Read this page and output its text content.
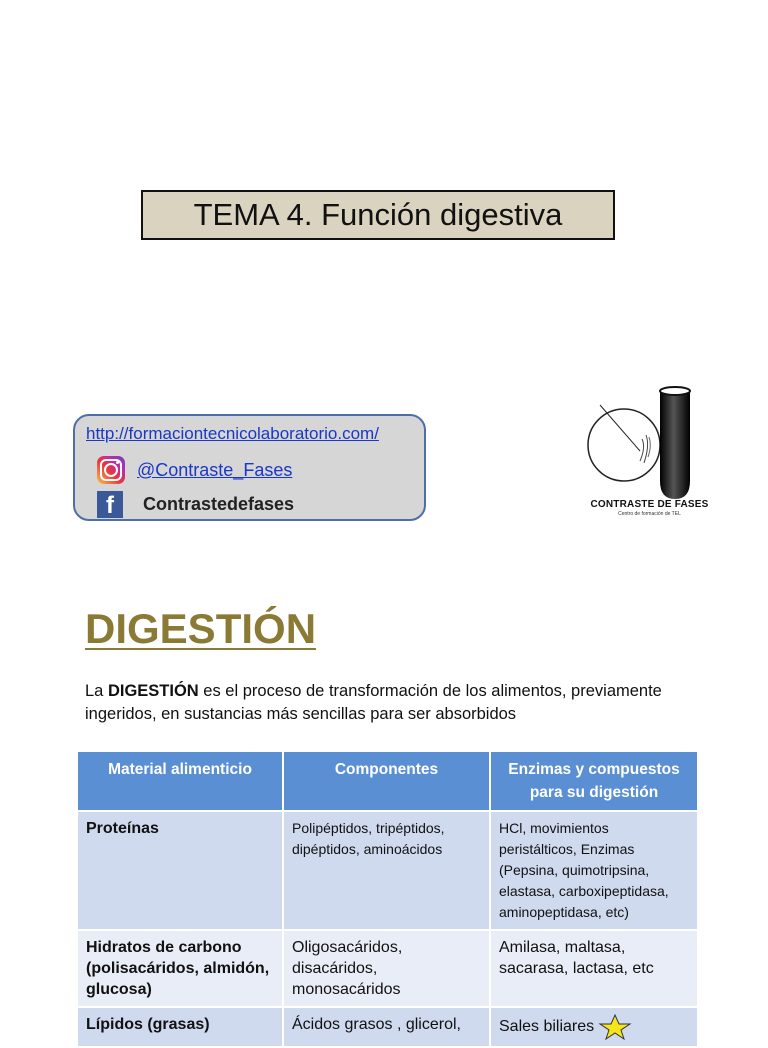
TEMA 4. Función digestiva
http://formaciontecnicolaboratorio.com/
@Contraste_Fases
f	Contrastedefases	CONTRASTE DE FASES
Centro de formación de TEL
DIGESTIÓN
La DIGESTIÓN es el proceso de transformación de los alimentos, previamente ingeridos, en sustancias más sencillas para ser absorbidos
Material alimenticio	Componentes	Enzimas y compuestos para su digestión
Proteínas	Polipéptidos, tripéptidos, dipéptidos, aminoácidos	HCl, movimientos peristálticos, Enzimas (Pepsina, quimotripsina, elastasa, carboxipeptidasa, aminopeptidasa, etc)
Hidratos de carbono (polisacáridos, almidón, glucosa)	Oligosacáridos, disacáridos, monosacáridos	Amilasa, maltasa, sacarasa, lactasa, etc
Lípidos (grasas)	Ácidos grasos , glicerol,	Sales biliares
